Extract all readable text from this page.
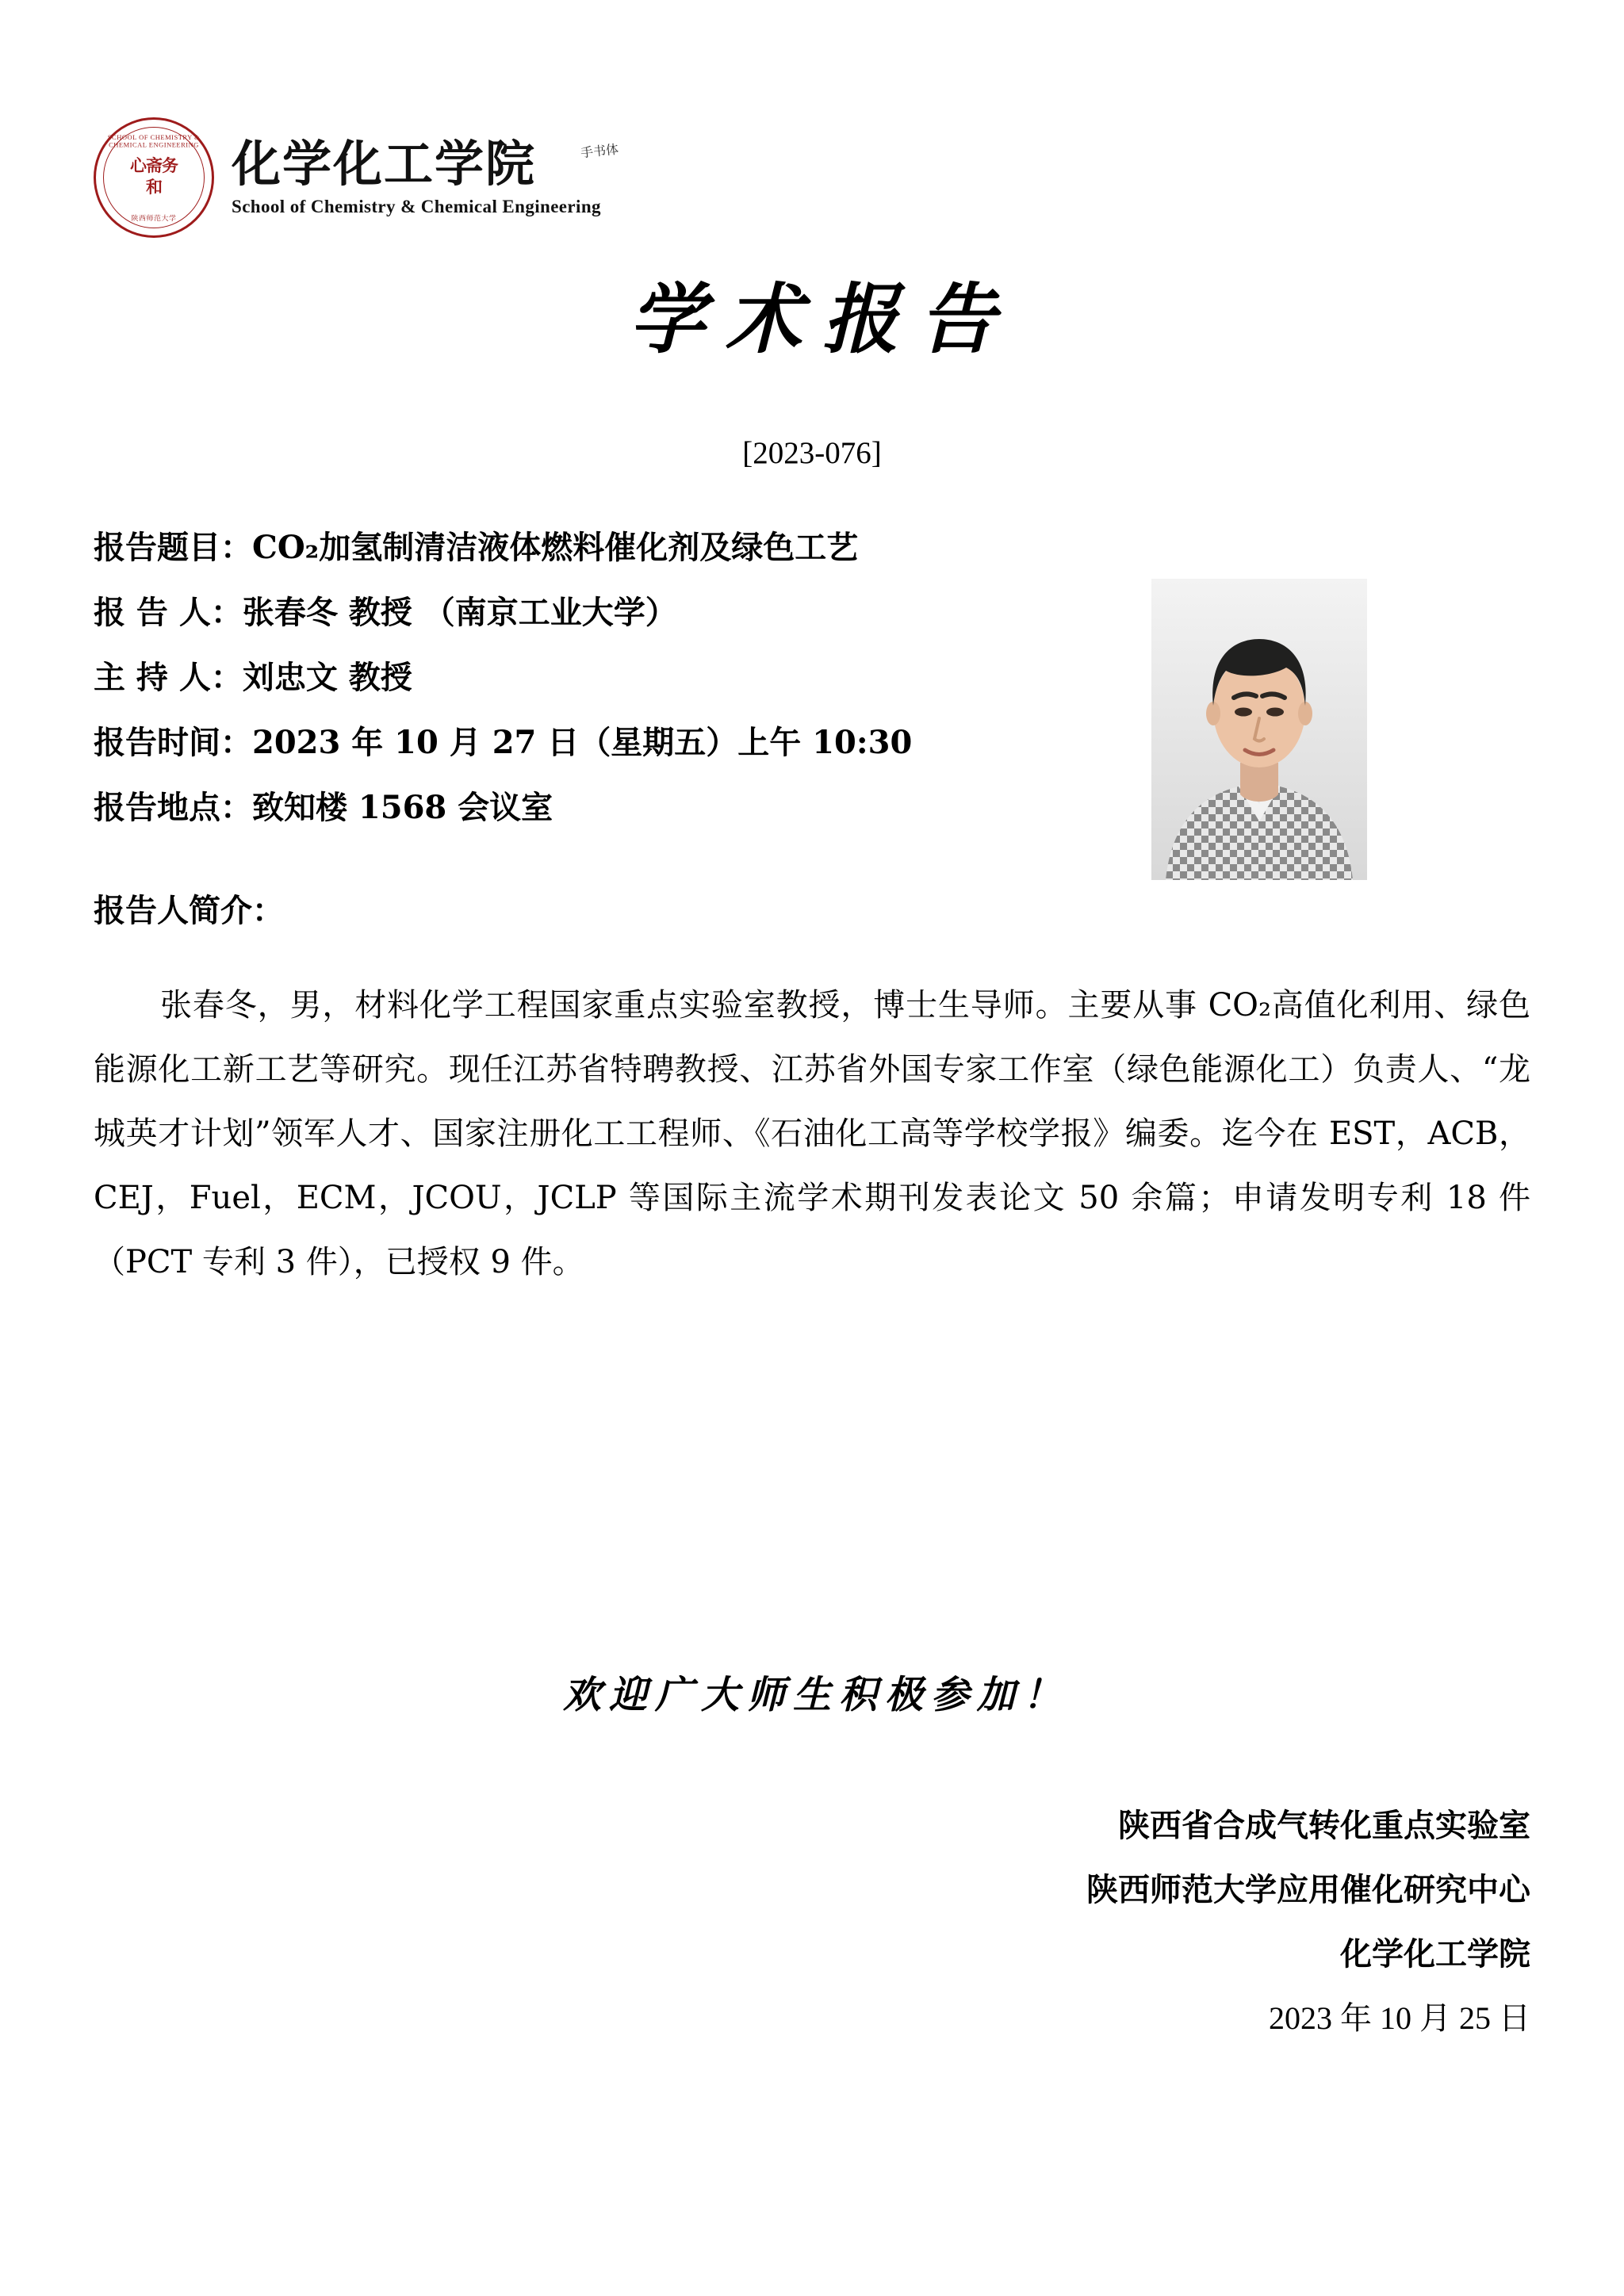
SCHOOL OF CHEMISTRY & CHEMICAL ENGINEERING
心斋务和
陕西师范大学
化学化工学院	手书体
School of Chemistry & Chemical Engineering
学术报告
[2023-076]
报告题目：CO₂加氢制清洁液体燃料催化剂及绿色工艺
报 告 人：张春冬 教授 （南京工业大学）
主 持 人：刘忠文 教授
报告时间：2023 年 10 月 27 日（星期五）上午 10:30
报告地点：致知楼 1568 会议室
报告人简介：
张春冬，男，材料化学工程国家重点实验室教授，博士生导师。主要从事 CO₂高值化利用、绿色能源化工新工艺等研究。现任江苏省特聘教授、江苏省外国专家工作室（绿色能源化工）负责人、“龙城英才计划”领军人才、国家注册化工工程师、《石油化工高等学校学报》编委。迄今在 EST，ACB，CEJ，Fuel，ECM，JCOU，JCLP 等国际主流学术期刊发表论文 50 余篇；申请发明专利 18 件（PCT 专利 3 件），已授权 9 件。
欢迎广大师生积极参加！
陕西省合成气转化重点实验室
陕西师范大学应用催化研究中心
化学化工学院
2023 年 10 月 25 日
